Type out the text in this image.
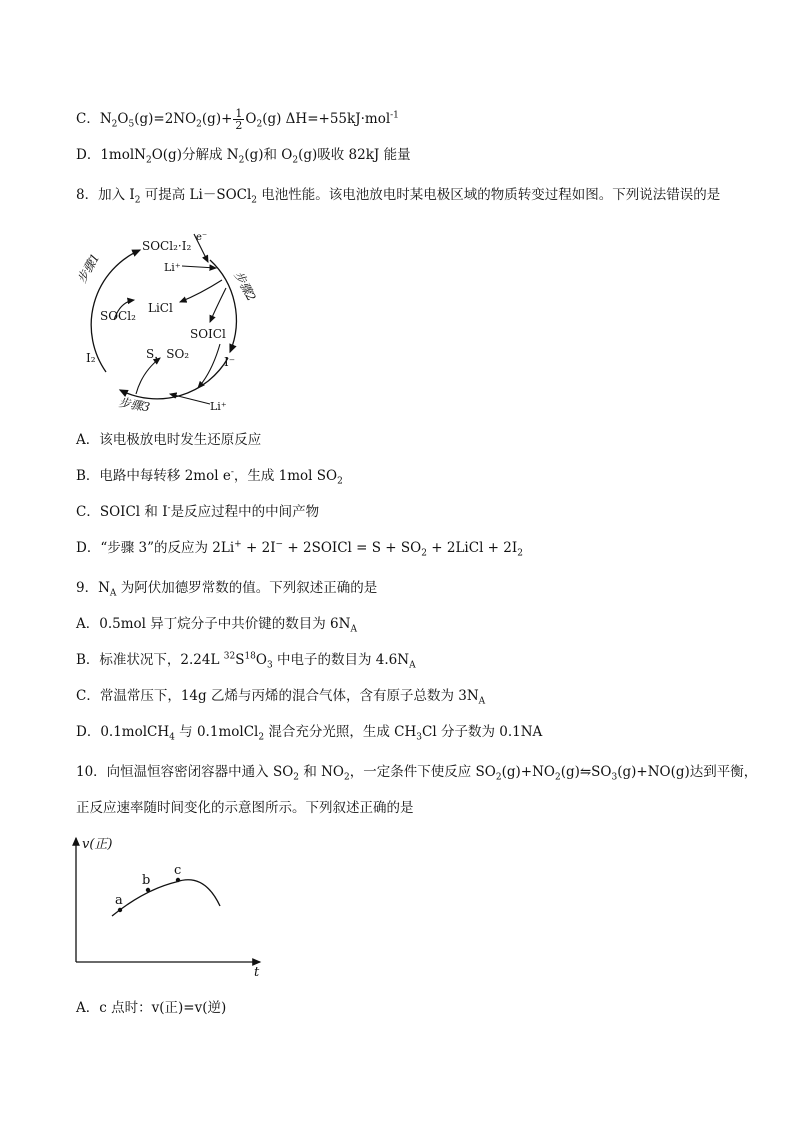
C．$N_2O_5(g)=2NO_2(g)+ \frac{1}{2} O_2(g)$ ΔH=+55kJ·mol$^{-1}$
D．1molN$_2$O(g)分解成 $N_2(g)$和 $O_2(g)$吸收 82kJ 能量
8．加入 $I_2$ 可提高 Li－SOCl$_2$ 电池性能。该电池放电时某电极区域的物质转变过程如图。下列说法错误的是
步骤1
步骤2
步骤3
SOCl₂·I₂
e⁻
Li⁺
LiCl
SOCl₂
SOICl
S，SO₂
I⁻
I₂
Li⁺
A．该电极放电时发生还原反应
B．电路中每转移 2mol e-，生成 1mol $SO_2$
C．SOICl 和 I-是反应过程中的中间产物
D．“步骤 3”的反应为 2Li+ + 2I− + 2SOICl = $S + SO_2$ + 2LiCl + $2I_2$
9．$N_A$ 为阿伏加德罗常数的值。下列叙述正确的是
A．0.5mol 异丁烷分子中共价键的数目为 $6N_A$
B．标准状况下，2.24L $^{32}S^{18}O_3$ 中电子的数目为 $4.6N_A$
C．常温常压下，14g 乙烯与丙烯的混合气体，含有原子总数为 $3N_A$
D．0.1molCH$_4$ 与 0.1molCl$_2$ 混合充分光照，生成 $CH_3Cl$ 分子数为 0.1NA
10．向恒温恒容密闭容器中通入 $SO_2$ 和 $NO_2$，一定条件下使反应 $SO_2(g)+NO_2(g)⇋SO_3(g)+NO(g)$达到平衡，
正反应速率随时间变化的示意图所示。下列叙述正确的是
v(正)
t
a
b
c
A．c 点时：v(正)=v(逆)
